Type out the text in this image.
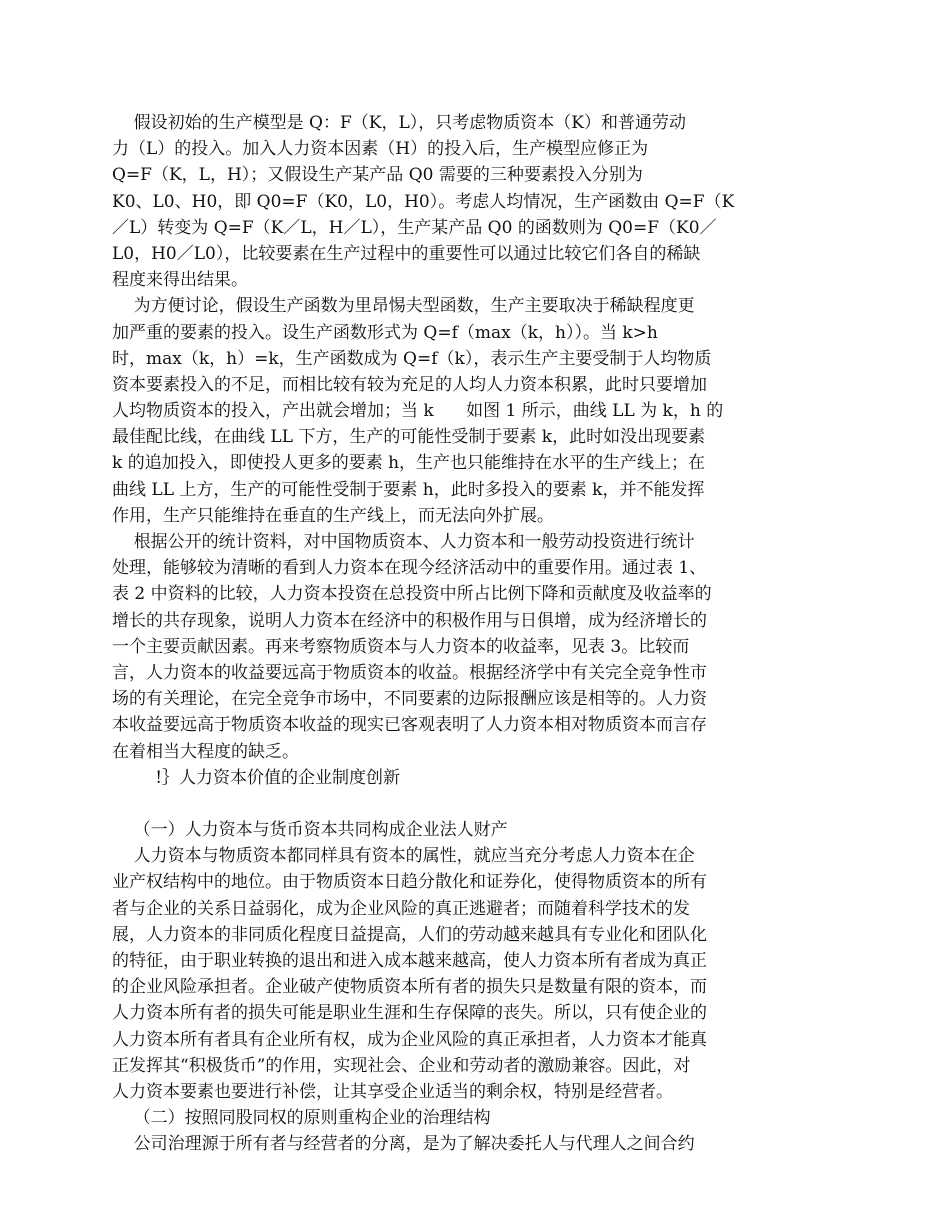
假设初始的生产模型是 Q：F（K，L），只考虑物质资本（K）和普通劳动
力（L）的投入。加入人力资本因素（H）的投入后，生产模型应修正为
Q=F（K，L，H）；又假设生产某产品 Q0 需要的三种要素投入分别为
K0、L0、H0，即 Q0=F（K0，L0，H0）。考虑人均情况，生产函数由 Q=F（K
／L）转变为 Q=F（K／L，H／L），生产某产品 Q0 的函数则为 Q0=F（K0／
L0，H0／L0），比较要素在生产过程中的重要性可以通过比较它们各自的稀缺
程度来得出结果。
为方便讨论，假设生产函数为里昂惕夫型函数，生产主要取决于稀缺程度更
加严重的要素的投入。设生产函数形式为 Q=f（max（k，h））。当 k>h
时，max（k，h）=k，生产函数成为 Q=f（k），表示生产主要受制于人均物质
资本要素投入的不足，而相比较有较为充足的人均人力资本积累，此时只要增加
人均物质资本的投入，产出就会增加；当 k      如图 1 所示，曲线 LL 为 k，h 的
最佳配比线，在曲线 LL 下方，生产的可能性受制于要素 k，此时如没出现要素
k 的追加投入，即使投人更多的要素 h，生产也只能维持在水平的生产线上；在
曲线 LL 上方，生产的可能性受制于要素 h，此时多投入的要素 k，并不能发挥
作用，生产只能维持在垂直的生产线上，而无法向外扩展。
根据公开的统计资料，对中国物质资本、人力资本和一般劳动投资进行统计
处理，能够较为清晰的看到人力资本在现今经济活动中的重要作用。通过表 1、
表 2 中资料的比较，人力资本投资在总投资中所占比例下降和贡献度及收益率的
增长的共存现象，说明人力资本在经济中的积极作用与日俱增，成为经济增长的
一个主要贡献因素。再来考察物质资本与人力资本的收益率，见表 3。比较而
言，人力资本的收益要远高于物质资本的收益。根据经济学中有关完全竞争性市
场的有关理论，在完全竞争市场中，不同要素的边际报酬应该是相等的。人力资
本收益要远高于物质资本收益的现实已客观表明了人力资本相对物质资本而言存
在着相当大程度的缺乏。
!｝人力资本价值的企业制度创新
（一）人力资本与货币资本共同构成企业法人财产
人力资本与物质资本都同样具有资本的属性，就应当充分考虑人力资本在企
业产权结构中的地位。由于物质资本日趋分散化和证券化，使得物质资本的所有
者与企业的关系日益弱化，成为企业风险的真正逃避者；而随着科学技术的发
展，人力资本的非同质化程度日益提高，人们的劳动越来越具有专业化和团队化
的特征，由于职业转换的退出和进入成本越来越高，使人力资本所有者成为真正
的企业风险承担者。企业破产使物质资本所有者的损失只是数量有限的资本，而
人力资本所有者的损失可能是职业生涯和生存保障的丧失。所以，只有使企业的
人力资本所有者具有企业所有权，成为企业风险的真正承担者，人力资本才能真
正发挥其“积极货币”的作用，实现社会、企业和劳动者的激励兼容。因此，对
人力资本要素也要进行补偿，让其享受企业适当的剩余权，特别是经营者。
（二）按照同股同权的原则重构企业的治理结构
公司治理源于所有者与经营者的分离，是为了解决委托人与代理人之间合约
